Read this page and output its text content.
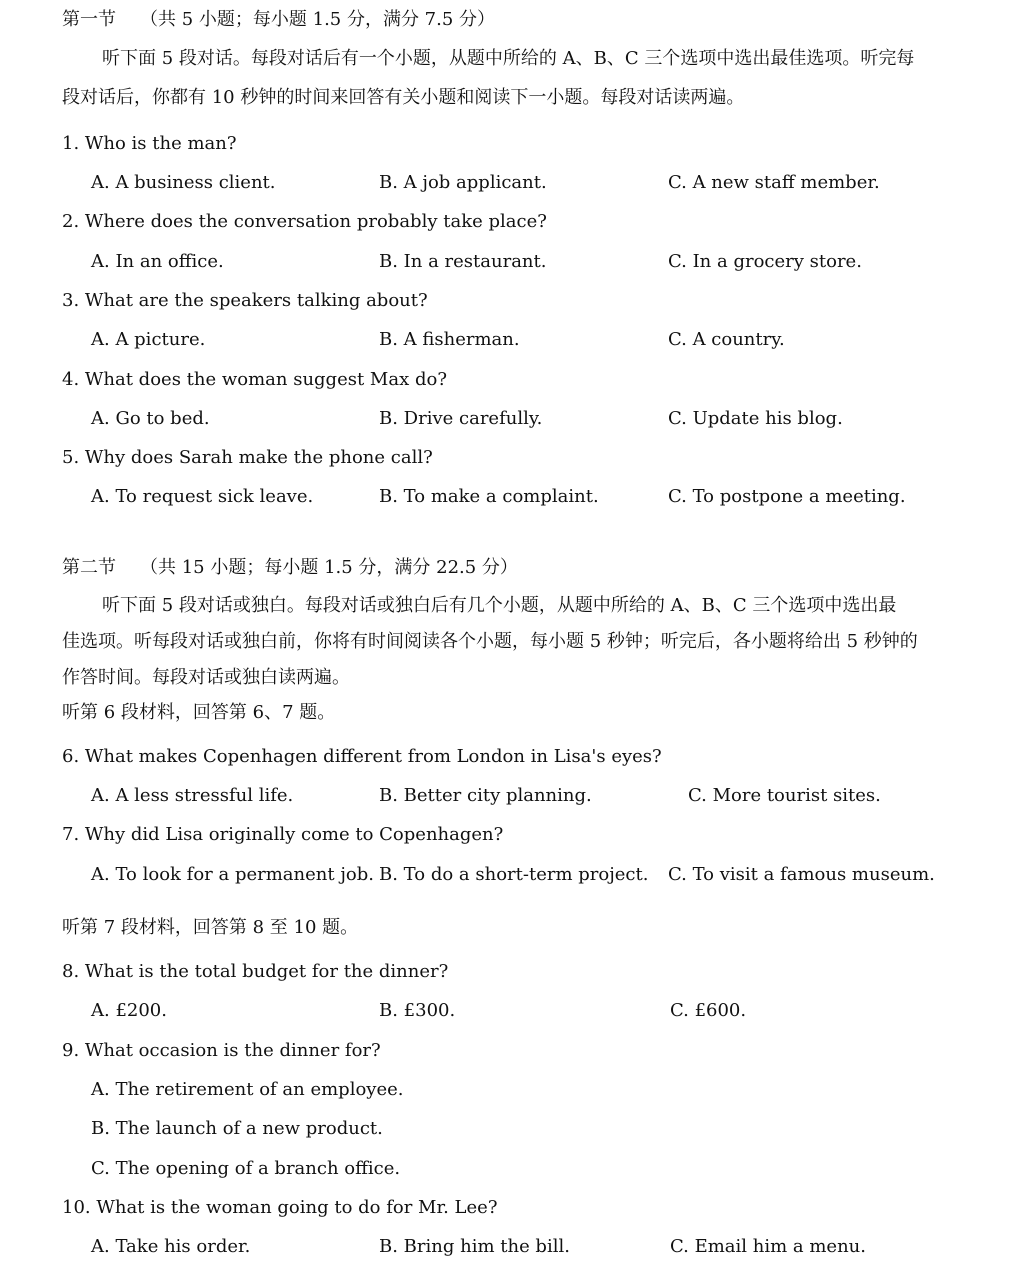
第一节 （共 5 小题；每小题 1.5 分，满分 7.5 分）
听下面 5 段对话。每段对话后有一个小题，从题中所给的 A、B、C 三个选项中选出最佳选项。听完每
段对话后，你都有 10 秒钟的时间来回答有关小题和阅读下一小题。每段对话读两遍。
1. Who is the man?
A. A business client.	B. A job applicant.	C. A new staff member.
2. Where does the conversation probably take place?
A. In an office.	B. In a restaurant.	C. In a grocery store.
3. What are the speakers talking about?
A. A picture.	B. A fisherman.	C. A country.
4. What does the woman suggest Max do?
A. Go to bed.	B. Drive carefully.	C. Update his blog.
5. Why does Sarah make the phone call?
A. To request sick leave.	B. To make a complaint.	C. To postpone a meeting.
第二节 （共 15 小题；每小题 1.5 分，满分 22.5 分）
听下面 5 段对话或独白。每段对话或独白后有几个小题，从题中所给的 A、B、C 三个选项中选出最
佳选项。听每段对话或独白前，你将有时间阅读各个小题，每小题 5 秒钟；听完后，各小题将给出 5 秒钟的
作答时间。每段对话或独白读两遍。
听第 6 段材料，回答第 6、7 题。
6. What makes Copenhagen different from London in Lisa's eyes?
A. A less stressful life.	B. Better city planning.	C. More tourist sites.
7. Why did Lisa originally come to Copenhagen?
A. To look for a permanent job. B. To do a short-term project. C. To visit a famous museum.
听第 7 段材料，回答第 8 至 10 题。
8. What is the total budget for the dinner?
A. £200.	B. £300.	C. £600.
9. What occasion is the dinner for?
A. The retirement of an employee.
B. The launch of a new product.
C. The opening of a branch office.
10. What is the woman going to do for Mr. Lee?
A. Take his order.	B. Bring him the bill.	C. Email him a menu.
